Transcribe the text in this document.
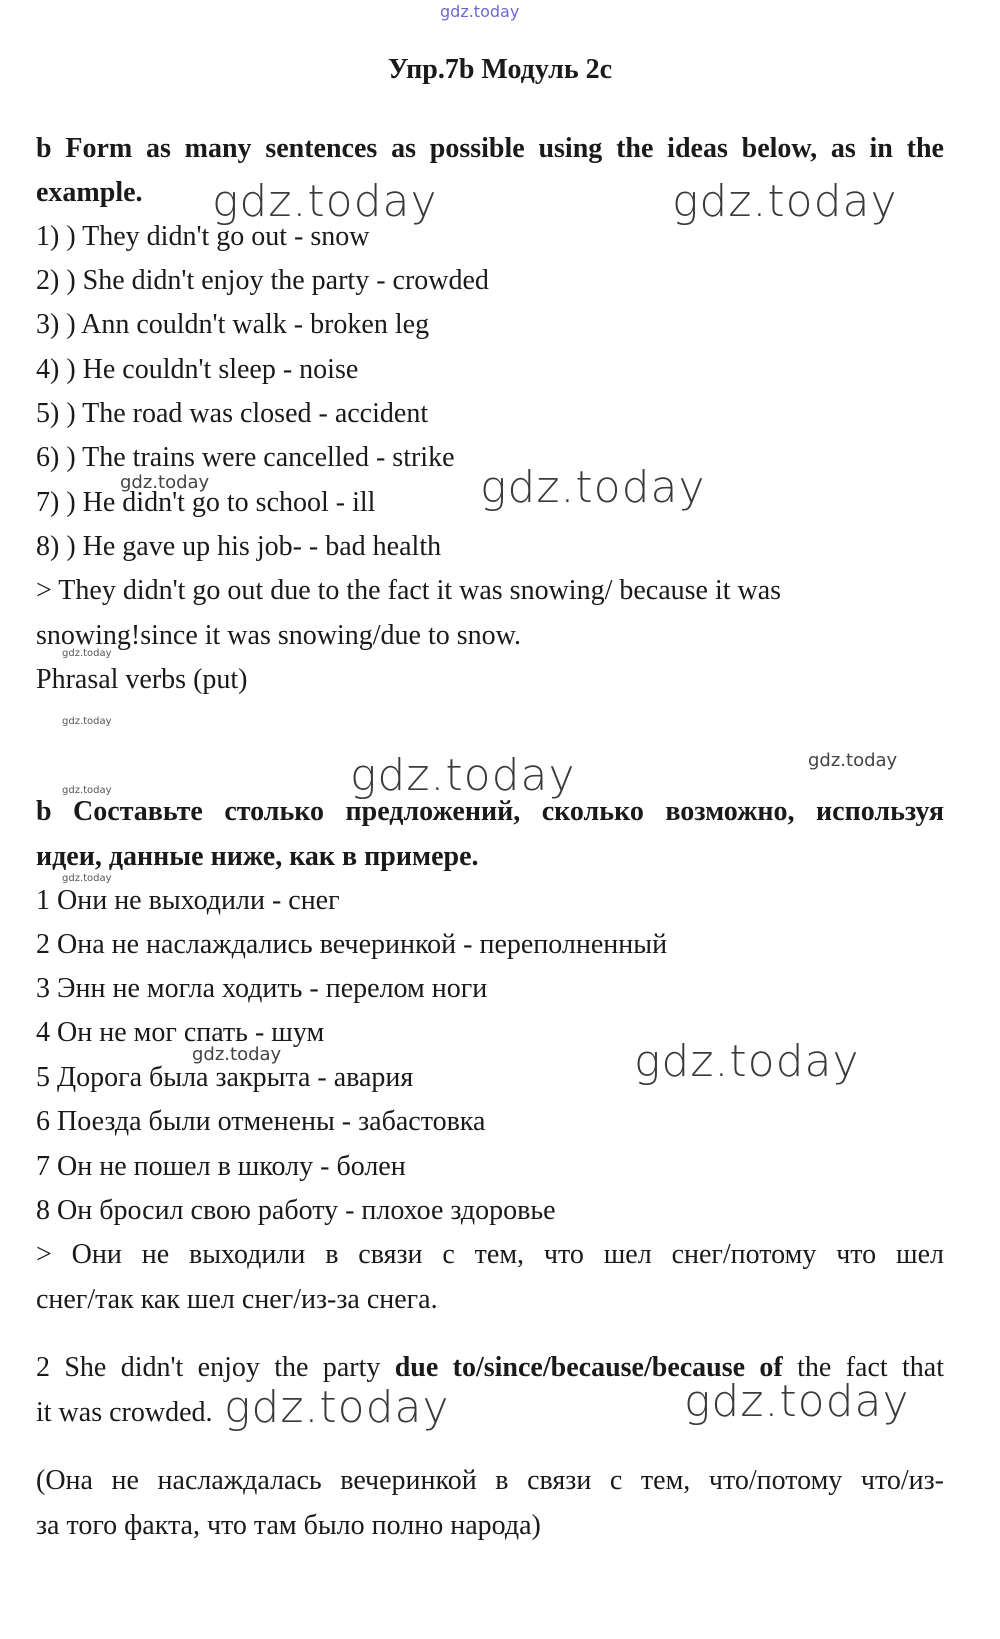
gdz.today
Упр.7b Модуль 2c
b Form as many sentences as possible using the ideas below, as in the
example.
1) ) They didn't go out - snow
2) ) She didn't enjoy the party - crowded
3) ) Ann couldn't walk - broken leg
4) ) He couldn't sleep - noise
5) ) The road was closed - accident
6) ) The trains were cancelled - strike
7) ) He didn't go to school - ill
8) ) He gave up his job- - bad health
> They didn't go out due to the fact it was snowing/ because it was
snowing!since it was snowing/due to snow.
Phrasal verbs (put)
b Составьте столько предложений, сколько возможно, используя
идеи, данные ниже, как в примере.
1 Они не выходили - снег
2 Она не наслаждались вечеринкой - переполненный
3 Энн не могла ходить - перелом ноги
4 Он не мог спать - шум
5 Дорога была закрыта - авария
6 Поезда были отменены - забастовка
7 Он не пошел в школу - болен
8 Он бросил свою работу - плохое здоровье
> Они не выходили в связи с тем, что шел снег/потому что шел
снег/так как шел снег/из-за снега.
2 She didn't enjoy the party due to/since/because/because of the fact that
it was crowded.
(Она не наслаждалась вечеринкой в связи с тем, что/потому что/из-
за того факта, что там было полно народа)
gdz.today	gdz.today
gdz.today
gdz.today
gdz.today
gdz.today	gdz.today
gdz.today
gdz.today
gdz.today
gdz.today
gdz.today
gdz.today
gdz.today
